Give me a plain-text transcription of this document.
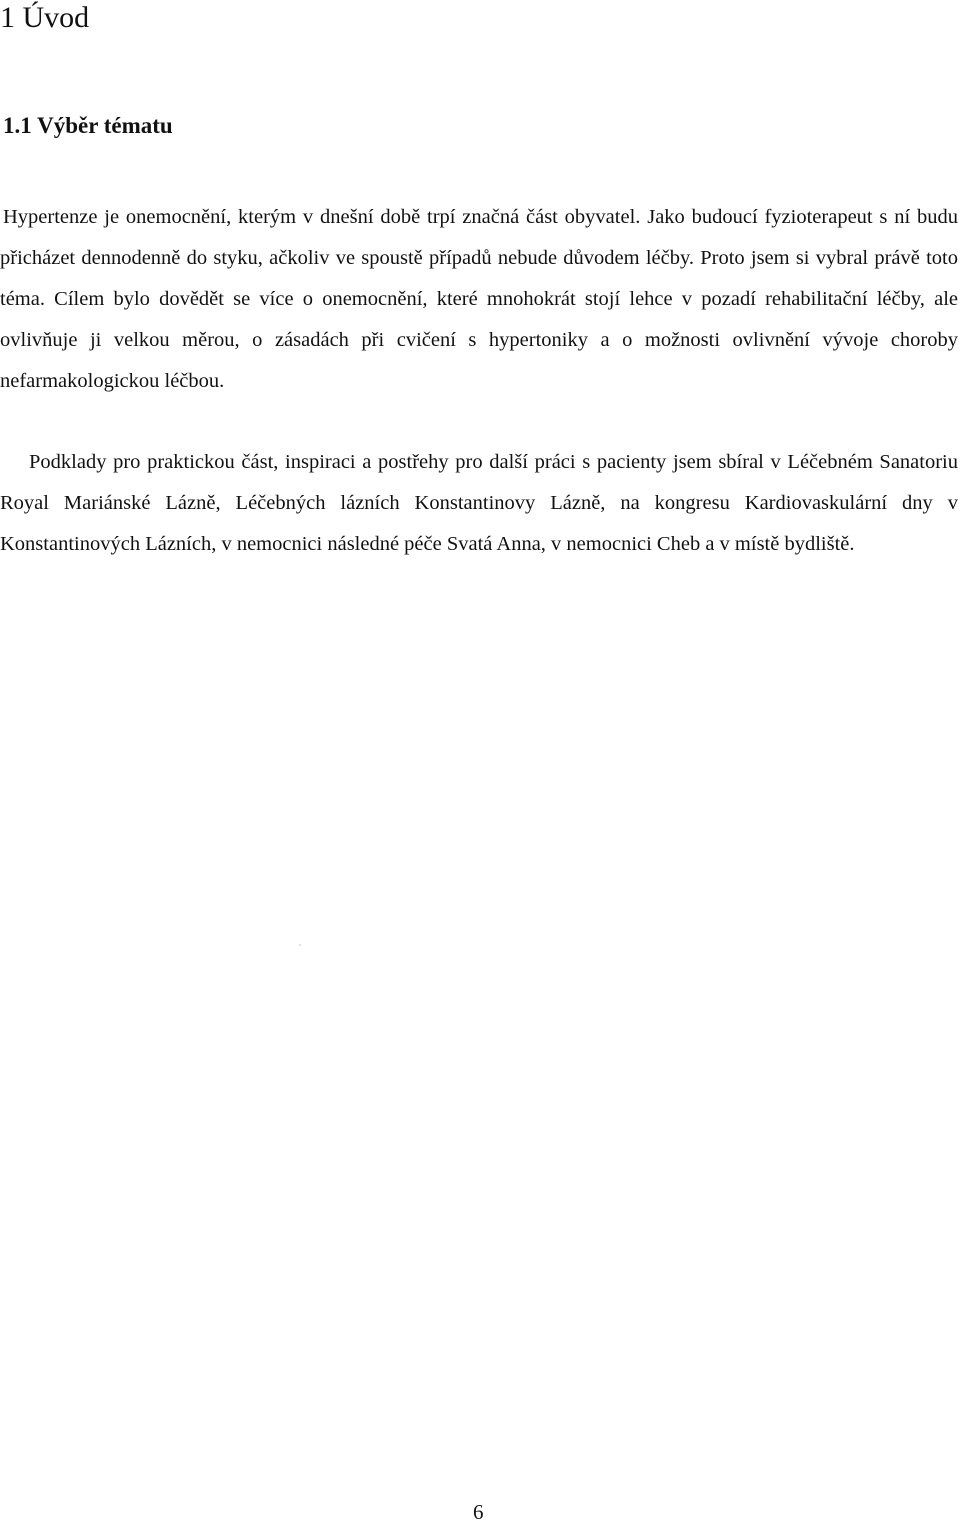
1 Úvod
1.1 Výběr tématu

Hypertenze je onemocnění, kterým v dnešní době trpí značná část obyvatel. Jako budoucí fyzioterapeut s ní budu přicházet dennodenně do styku, ačkoliv ve spoustě případů nebude důvodem léčby. Proto jsem si vybral právě toto téma. Cílem bylo dovědět se více o onemocnění, které mnohokrát stojí lehce v pozadí rehabilitační léčby, ale ovlivňuje ji velkou měrou, o zásadách při cvičení s hypertoniky a o možnosti ovlivnění vývoje choroby nefarmakologickou léčbou.

Podklady pro praktickou část, inspiraci a postřehy pro další práci s pacienty jsem sbíral v Léčebném Sanatoriu Royal Mariánské Lázně, Léčebných lázních Konstantinovy Lázně, na kongresu Kardiovaskulární dny v Konstantinových Lázních, v nemocnici následné péče Svatá Anna, v nemocnici Cheb a v místě bydliště.

6
